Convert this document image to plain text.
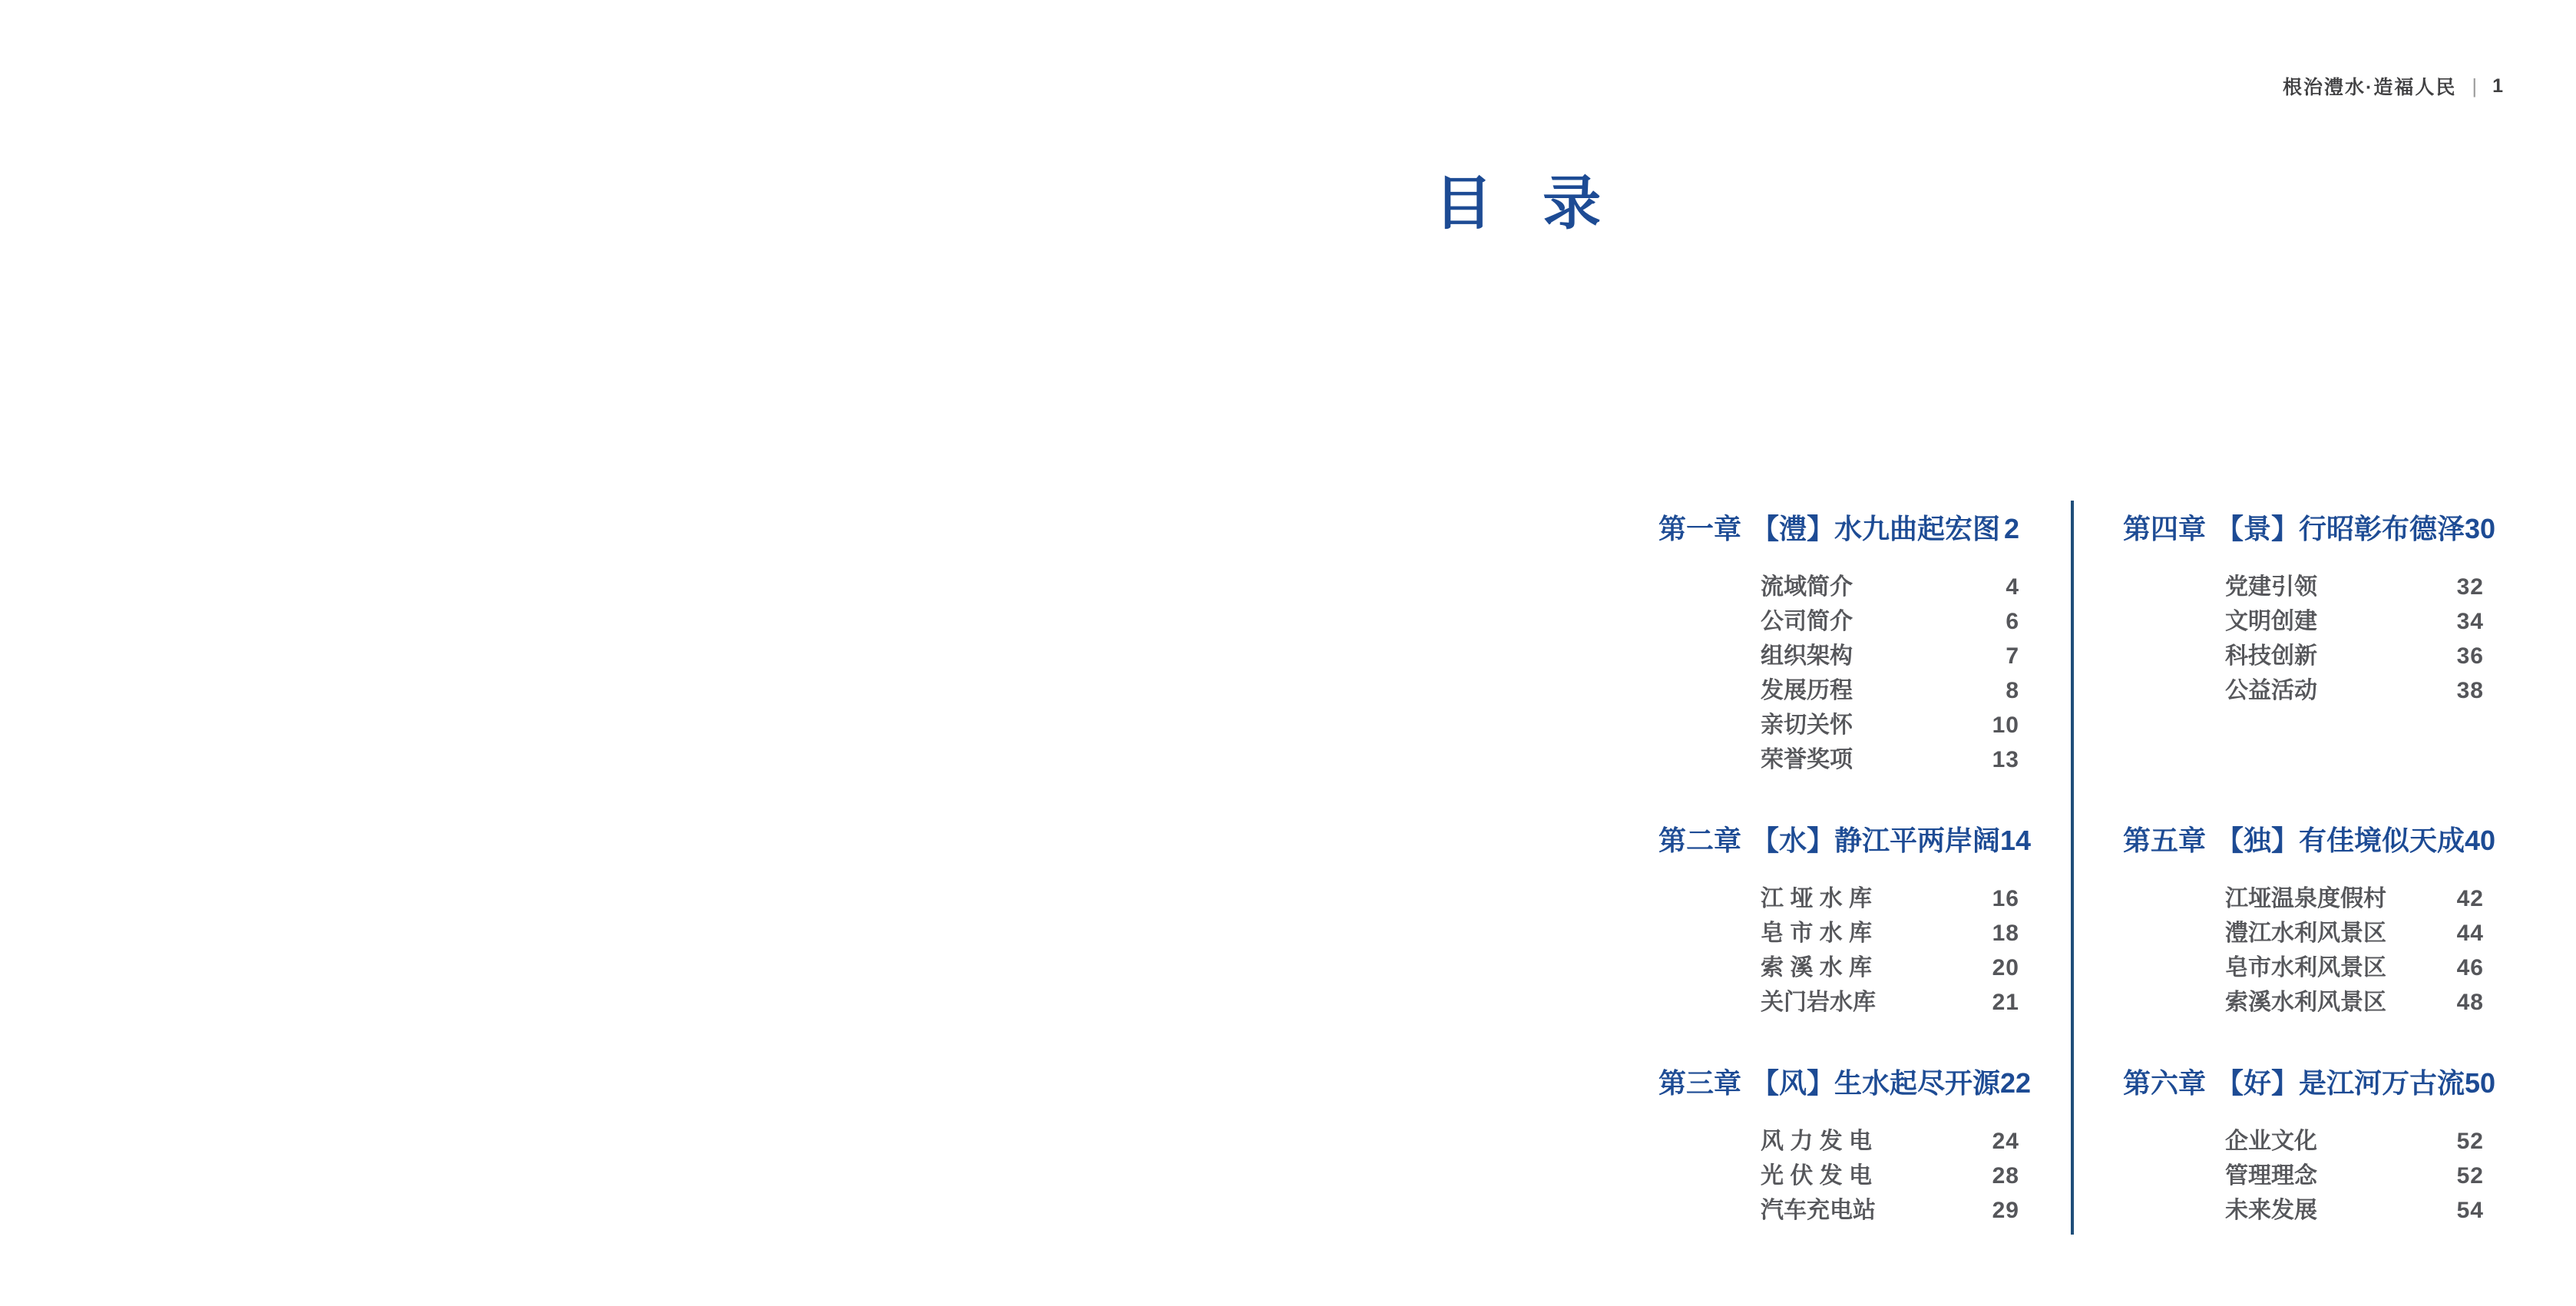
根治澧水·造福人民 | 1
目 录
第一章 【澧】水九曲起宏图 2
流域简介	4
公司简介	6
组织架构	7
发展历程	8
亲切关怀	10
荣誉奖项	13
第二章 【水】静江平两岸阔 14
江 垭 水 库	16
皂 市 水 库	18
索 溪 水 库	20
关门岩水库	21
第三章 【风】生水起尽开源 22
风 力 发 电	24
光 伏 发 电	28
汽车充电站	29
第四章 【景】行昭彰布德泽 30
党建引领	32
文明创建	34
科技创新	36
公益活动	38
第五章 【独】有佳境似天成 40
江垭温泉度假村	42
澧江水利风景区	44
皂市水利风景区	46
索溪水利风景区	48
第六章 【好】是江河万古流 50
企业文化	52
管理理念	52
未来发展	54
